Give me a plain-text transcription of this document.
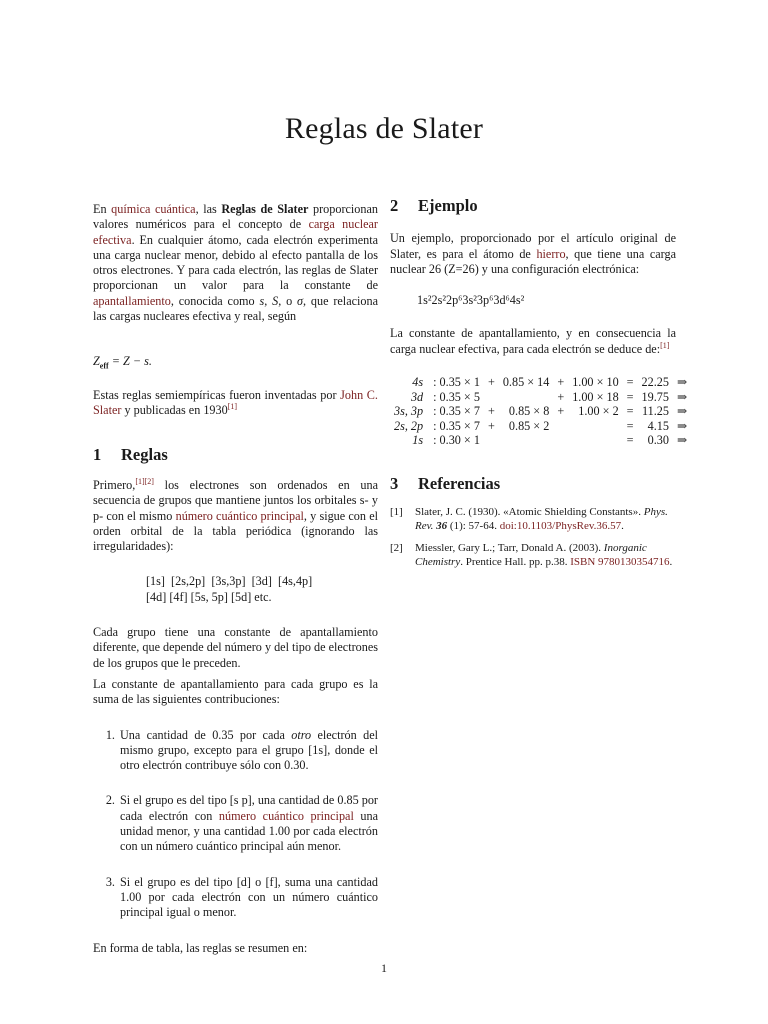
Reglas de Slater

En química cuántica, las Reglas de Slater proporcionan valores numéricos para el concepto de carga nuclear efectiva. En cualquier átomo, cada electrón experimenta una carga nuclear menor, debido al efecto pantalla de los otros electrones. Y para cada electrón, las reglas de Slater proporcionan un valor para la constante de apantallamiento, conocida como s, S, o σ, que relaciona las cargas nucleares efectiva y real, según

$Z_{eff} = Z - s$.

Estas reglas semiempíricas fueron inventadas por John C. Slater y publicadas en 1930[1]

1 Reglas

Primero,[1][2] los electrones son ordenados en una secuencia de grupos que mantiene juntos los orbitales s- y p- con el mismo número cuántico principal, y sigue con el orden orbital de la tabla periódica (ignorando las irregularidades):

[1s]  [2s,2p]  [3s,3p]  [3d]  [4s,4p]
[4d] [4f] [5s, 5p] [5d] etc.

Cada grupo tiene una constante de apantallamiento diferente, que depende del número y del tipo de electrones de los grupos que le preceden.

La constante de apantallamiento para cada grupo es la suma de las siguientes contribuciones:

1. Una cantidad de 0.35 por cada otro electrón del mismo grupo, excepto para el grupo [1s], donde el otro electrón contribuye sólo con 0.30.
2. Si el grupo es del tipo [s p], una cantidad de 0.85 por cada electrón con número cuántico principal una unidad menor, y una cantidad 1.00 por cada electrón con un número cuántico principal aún menor.
3. Si el grupo es del tipo [d] o [f], suma una cantidad 1.00 por cada electrón con un número cuántico principal igual o menor.

En forma de tabla, las reglas se resumen en:

2 Ejemplo

Un ejemplo, proporcionado por el artículo original de Slater, es para el átomo de hierro, que tiene una carga nuclear 26 (Z=26) y una configuración electrónica:

1s²2s²2p⁶3s²3p⁶3d⁶4s²

La constante de apantallamiento, y en consecuencia la carga nuclear efectiva, para cada electrón se deduce de:[1]

4s	: 0.35 × 1	+	0.85 × 14	+	1.00 × 10	=	22.25	⇒
3d	: 0.35 × 5			+	1.00 × 18	=	19.75	⇒
3s, 3p	: 0.35 × 7	+	0.85 × 8	+	1.00 × 2	=	11.25	⇒
2s, 2p	: 0.35 × 7	+	0.85 × 2			=	4.15	⇒
1s	: 0.30 × 1					=	0.30	⇒
3 Referencias
[1]	Slater, J. C. (1930). «Atomic Shielding Constants». Phys. Rev. 36 (1): 57-64. doi:10.1103/PhysRev.36.57.
[2]	Miessler, Gary L.; Tarr, Donald A. (2003). Inorganic Chemistry. Prentice Hall. pp. p.38. ISBN 9780130354716.
1
